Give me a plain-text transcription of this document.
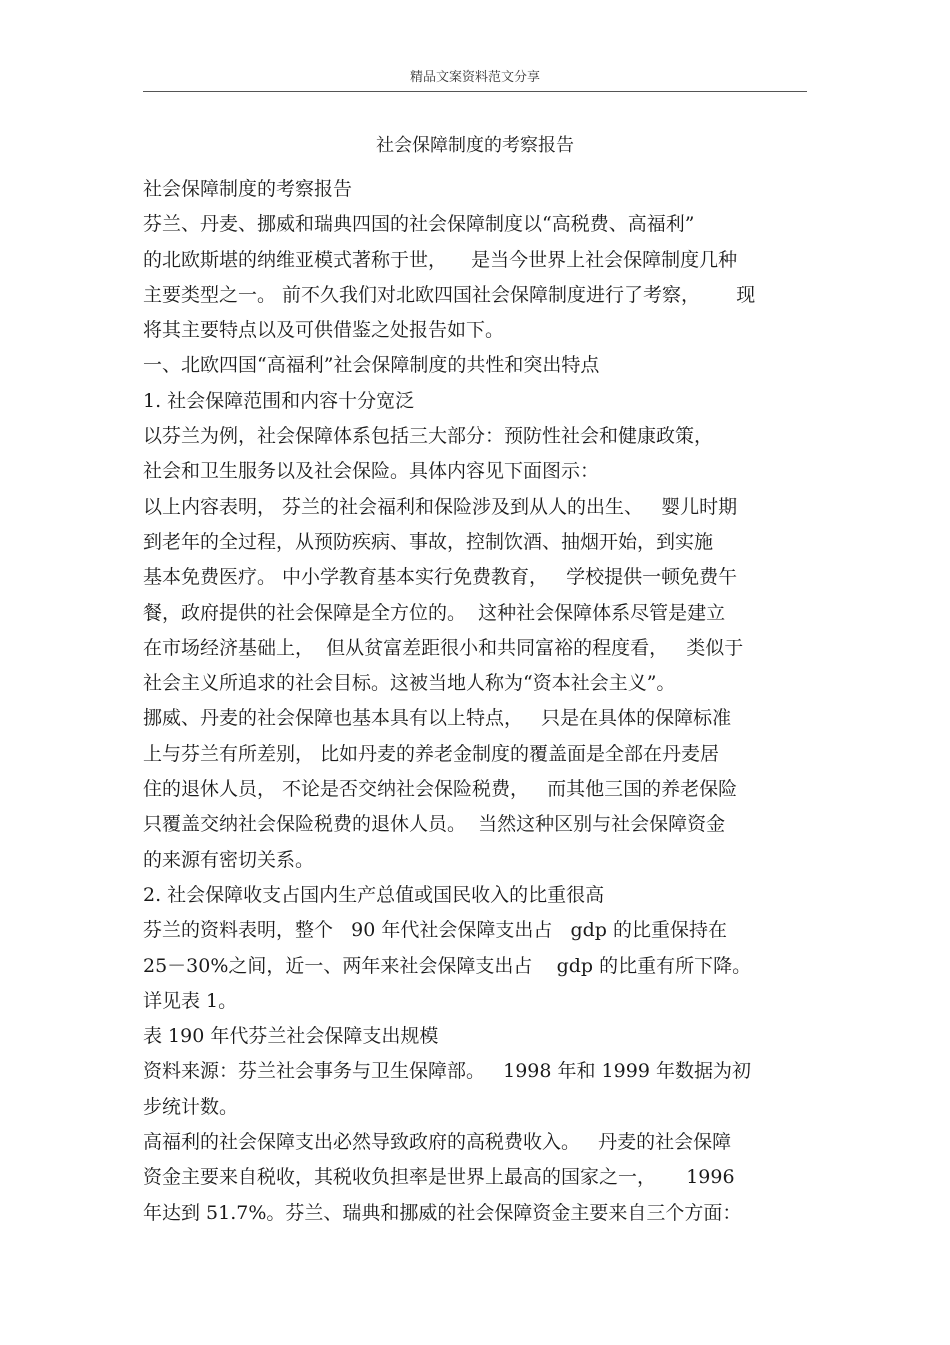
精品文案资料范文分享
社会保障制度的考察报告
社会保障制度的考察报告
芬兰、丹麦、挪威和瑞典四国的社会保障制度以“高税费、高福利”
的北欧斯堪的纳维亚模式著称于世，    是当今世界上社会保障制度几种
主要类型之一。 前不久我们对北欧四国社会保障制度进行了考察，      现
将其主要特点以及可供借鉴之处报告如下。
一、北欧四国“高福利”社会保障制度的共性和突出特点
1. 社会保障范围和内容十分宽泛
以芬兰为例，社会保障体系包括三大部分：预防性社会和健康政策，
社会和卫生服务以及社会保险。具体内容见下面图示：
以上内容表明， 芬兰的社会福利和保险涉及到从人的出生、   婴儿时期
到老年的全过程，从预防疾病、事故，控制饮酒、抽烟开始，到实施
基本免费医疗。 中小学教育基本实行免费教育，   学校提供一顿免费午
餐，政府提供的社会保障是全方位的。  这种社会保障体系尽管是建立
在市场经济基础上，  但从贫富差距很小和共同富裕的程度看，   类似于
社会主义所追求的社会目标。这被当地人称为“资本社会主义”。
挪威、丹麦的社会保障也基本具有以上特点，   只是在具体的保障标准
上与芬兰有所差别， 比如丹麦的养老金制度的覆盖面是全部在丹麦居
住的退休人员， 不论是否交纳社会保险税费，   而其他三国的养老保险
只覆盖交纳社会保险税费的退休人员。  当然这种区别与社会保障资金
的来源有密切关系。
2. 社会保障收支占国内生产总值或国民收入的比重很高
芬兰的资料表明，整个   90 年代社会保障支出占   gdp 的比重保持在
25－30%之间，近一、两年来社会保障支出占    gdp 的比重有所下降。
详见表 1。
表 190 年代芬兰社会保障支出规模
资料来源：芬兰社会事务与卫生保障部。   1998 年和 1999 年数据为初
步统计数。
高福利的社会保障支出必然导致政府的高税费收入。   丹麦的社会保障
资金主要来自税收，其税收负担率是世界上最高的国家之一，     1996
年达到 51.7%。芬兰、瑞典和挪威的社会保障资金主要来自三个方面：
